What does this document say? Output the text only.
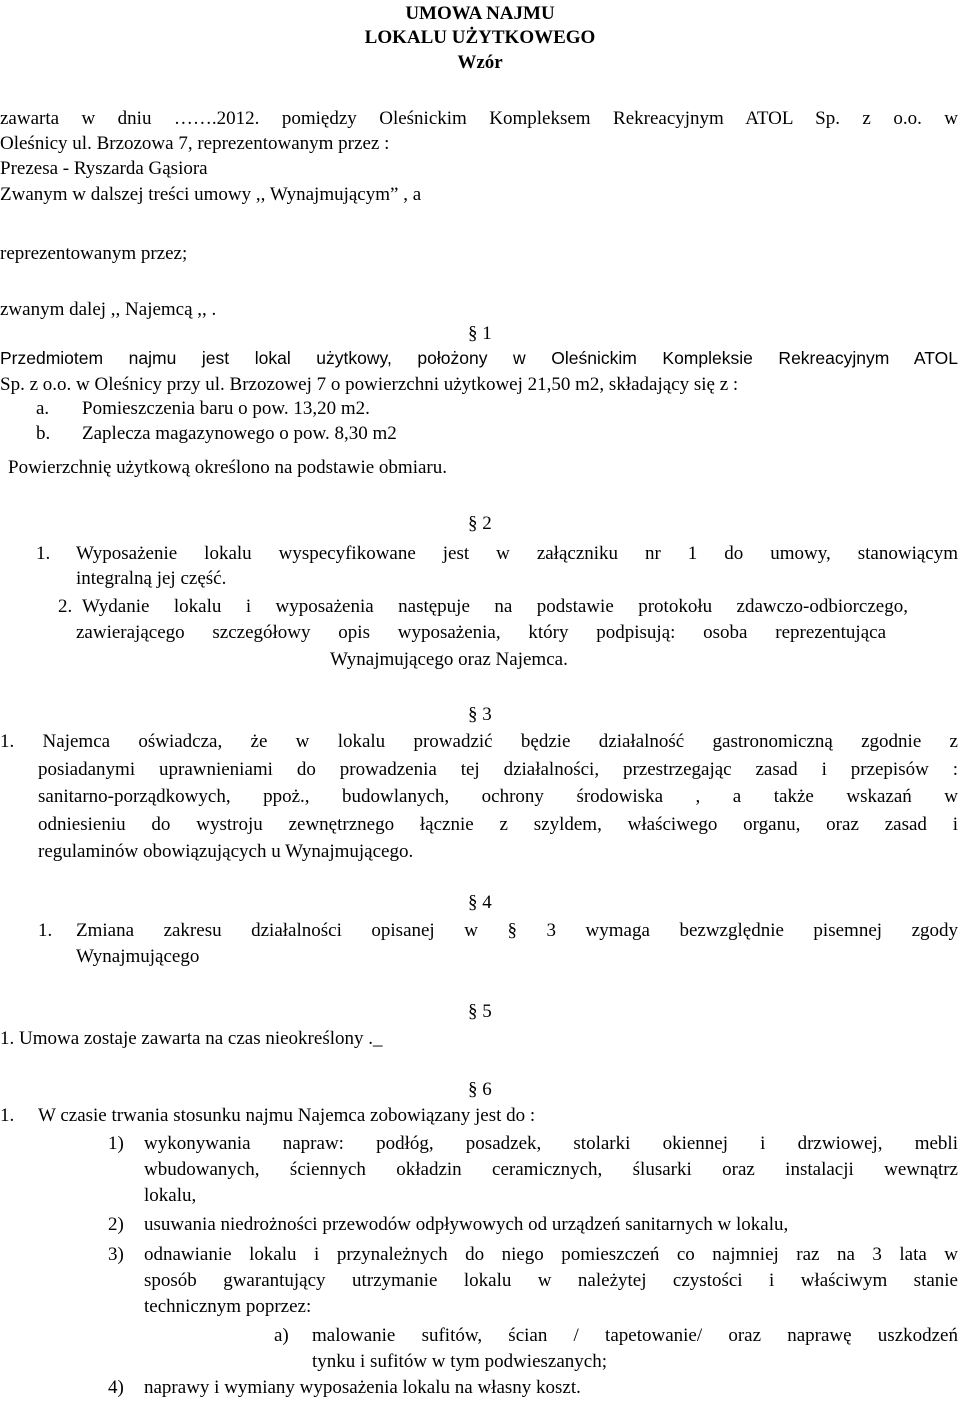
UMOWA NAJMU
LOKALU UŻYTKOWEGO
Wzór
zawarta w dniu …….2012. pomiędzy Oleśnickim Kompleksem Rekreacyjnym ATOL Sp. z o.o. w
Oleśnicy ul. Brzozowa 7, reprezentowanym przez :
Prezesa - Ryszarda Gąsiora
Zwanym w dalszej treści umowy ,, Wynajmującym” , a
reprezentowanym przez;
zwanym dalej ,, Najemcą ,, .
§ 1
Przedmiotem najmu jest lokal użytkowy, położony w Oleśnickim Kompleksie Rekreacyjnym ATOL
Sp. z o.o. w Oleśnicy przy ul. Brzozowej 7 o powierzchni użytkowej 21,50 m2, składający się z :
a. Pomieszczenia baru o pow. 13,20 m2.
b. Zaplecza magazynowego o pow. 8,30 m2
Powierzchnię użytkową określono na podstawie obmiaru.
§ 2
1. Wyposażenie lokalu wyspecyfikowane jest w załączniku nr 1 do umowy, stanowiącym
integralną jej część.
2. Wydanie lokalu i wyposażenia następuje na podstawie protokołu zdawczo-odbiorczego,
zawierającego szczegółowy opis wyposażenia, który podpisują: osoba reprezentująca
Wynajmującego oraz Najemca.
§ 3
1. Najemca oświadcza, że w lokalu prowadzić będzie działalność gastronomiczną zgodnie z
posiadanymi uprawnieniami do prowadzenia tej działalności, przestrzegając zasad i przepisów :
sanitarno-porządkowych, ppoż., budowlanych, ochrony środowiska , a także wskazań w
odniesieniu do wystroju zewnętrznego łącznie z szyldem, właściwego organu, oraz zasad i
regulaminów obowiązujących u Wynajmującego.
§ 4
1. Zmiana zakresu działalności opisanej w § 3 wymaga bezwzględnie pisemnej zgody
Wynajmującego
§ 5
1. Umowa zostaje zawarta na czas nieokreślony ._
§ 6
1. W czasie trwania stosunku najmu Najemca zobowiązany jest do :
1) wykonywania napraw: podłóg, posadzek, stolarki okiennej i drzwiowej, mebli
wbudowanych, ściennych okładzin ceramicznych, ślusarki oraz instalacji wewnątrz
lokalu,
2) usuwania niedrożności przewodów odpływowych od urządzeń sanitarnych w lokalu,
3) odnawianie lokalu i przynależnych do niego pomieszczeń co najmniej raz na 3 lata w
sposób gwarantujący utrzymanie lokalu w należytej czystości i właściwym stanie
technicznym poprzez:
a) malowanie sufitów, ścian / tapetowanie/ oraz naprawę uszkodzeń
tynku i sufitów w tym podwieszanych;
4) naprawy i wymiany wyposażenia lokalu na własny koszt.
